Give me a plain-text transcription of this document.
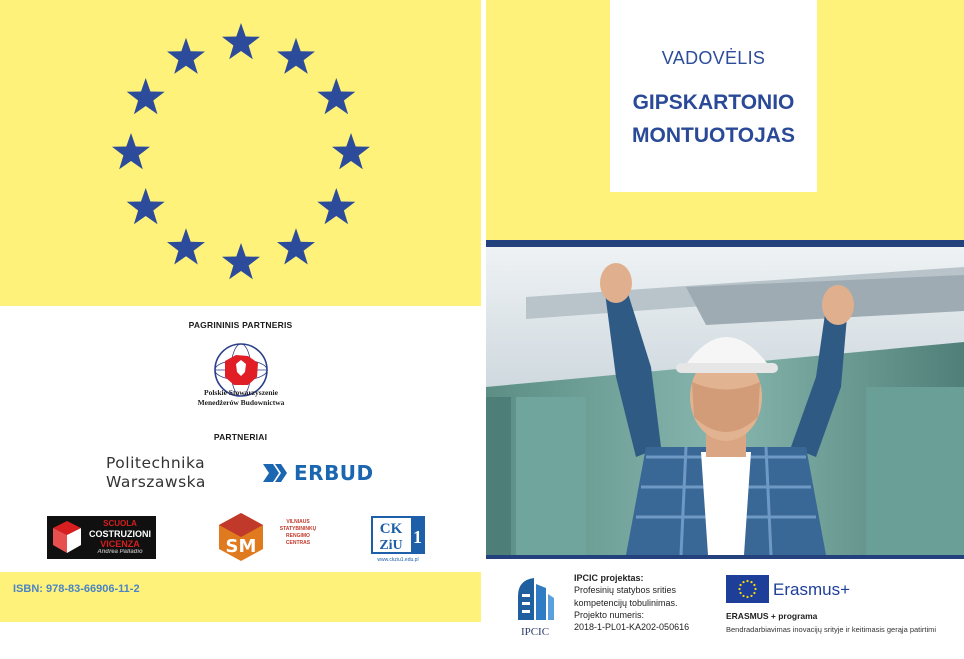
PAGRININIS PARTNERIS
Polskie Stowarzyszenie
Menedżerów Budownictwa
PARTNERIAI
Politechnika
Warszawska	ERBUD
SCUOLA
COSTRUZIONI
VICENZA
Andrea Palladio	SM
VILNIAUS
STATYBININKŲ
RENGIMO
CENTRAS
CK
ZiU 1
www.ckziu1.edu.pl
ISBN: 978-83-66906-11-2
VADOVĖLIS
GIPSKARTONIO
MONTUOTOJAS
IPCIC
IPCIC projektas:
Profesinių statybos srities
kompetencijų tobulinimas.
Projekto numeris:
2018-1-PL01-KA202-050616
Erasmus+
ERASMUS + programa
Bendradarbiavimas inovacijų srityje ir keitimasis gerąja patirtimi
